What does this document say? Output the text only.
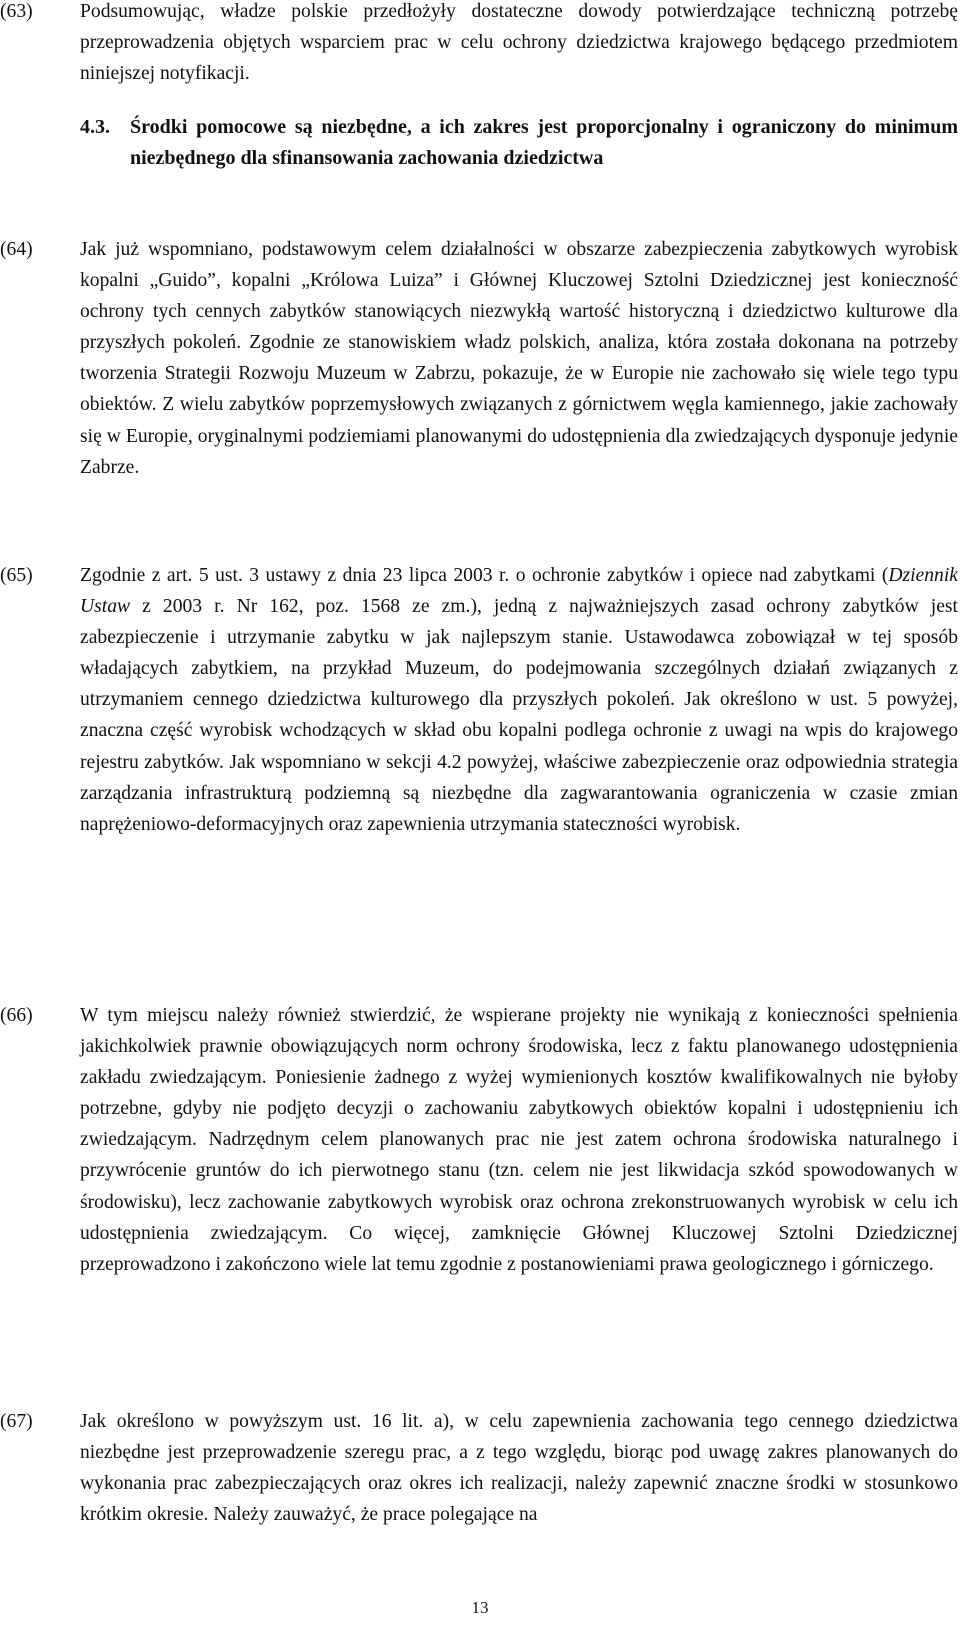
(63)	Podsumowując, władze polskie przedłożyły dostateczne dowody potwierdzające techniczną potrzebę przeprowadzenia objętych wsparciem prac w celu ochrony dziedzictwa krajowego będącego przedmiotem niniejszej notyfikacji.
4.3.	Środki pomocowe są niezbędne, a ich zakres jest proporcjonalny i ograniczony do minimum niezbędnego dla sfinansowania zachowania dziedzictwa
(64)	Jak już wspomniano, podstawowym celem działalności w obszarze zabezpieczenia zabytkowych wyrobisk kopalni „Guido”, kopalni „Królowa Luiza” i Głównej Kluczowej Sztolni Dziedzicznej jest konieczność ochrony tych cennych zabytków stanowiących niezwykłą wartość historyczną i dziedzictwo kulturowe dla przyszłych pokoleń. Zgodnie ze stanowiskiem władz polskich, analiza, która została dokonana na potrzeby tworzenia Strategii Rozwoju Muzeum w Zabrzu, pokazuje, że w Europie nie zachowało się wiele tego typu obiektów. Z wielu zabytków poprzemysłowych związanych z górnictwem węgla kamiennego, jakie zachowały się w Europie, oryginalnymi podziemiami planowanymi do udostępnienia dla zwiedzających dysponuje jedynie Zabrze.
(65)	Zgodnie z art. 5 ust. 3 ustawy z dnia 23 lipca 2003 r. o ochronie zabytków i opiece nad zabytkami (Dziennik Ustaw z 2003 r. Nr 162, poz. 1568 ze zm.), jedną z najważniejszych zasad ochrony zabytków jest zabezpieczenie i utrzymanie zabytku w jak najlepszym stanie. Ustawodawca zobowiązał w tej sposób władających zabytkiem, na przykład Muzeum, do podejmowania szczególnych działań związanych z utrzymaniem cennego dziedzictwa kulturowego dla przyszłych pokoleń. Jak określono w ust. 5 powyżej, znaczna część wyrobisk wchodzących w skład obu kopalni podlega ochronie z uwagi na wpis do krajowego rejestru zabytków. Jak wspomniano w sekcji 4.2 powyżej, właściwe zabezpieczenie oraz odpowiednia strategia zarządzania infrastrukturą podziemną są niezbędne dla zagwarantowania ograniczenia w czasie zmian naprężeniowo-deformacyjnych oraz zapewnienia utrzymania stateczności wyrobisk.
(66)	W tym miejscu należy również stwierdzić, że wspierane projekty nie wynikają z konieczności spełnienia jakichkolwiek prawnie obowiązujących norm ochrony środowiska, lecz z faktu planowanego udostępnienia zakładu zwiedzającym. Poniesienie żadnego z wyżej wymienionych kosztów kwalifikowalnych nie byłoby potrzebne, gdyby nie podjęto decyzji o zachowaniu zabytkowych obiektów kopalni i udostępnieniu ich zwiedzającym. Nadrzędnym celem planowanych prac nie jest zatem ochrona środowiska naturalnego i przywrócenie gruntów do ich pierwotnego stanu (tzn. celem nie jest likwidacja szkód spowodowanych w środowisku), lecz zachowanie zabytkowych wyrobisk oraz ochrona zrekonstruowanych wyrobisk w celu ich udostępnienia zwiedzającym. Co więcej, zamknięcie Głównej Kluczowej Sztolni Dziedzicznej przeprowadzono i zakończono wiele lat temu zgodnie z postanowieniami prawa geologicznego i górniczego.
(67)	Jak określono w powyższym ust. 16 lit. a), w celu zapewnienia zachowania tego cennego dziedzictwa niezbędne jest przeprowadzenie szeregu prac, a z tego względu, biorąc pod uwagę zakres planowanych do wykonania prac zabezpieczających oraz okres ich realizacji, należy zapewnić znaczne środki w stosunkowo krótkim okresie. Należy zauważyć, że prace polegające na
13
